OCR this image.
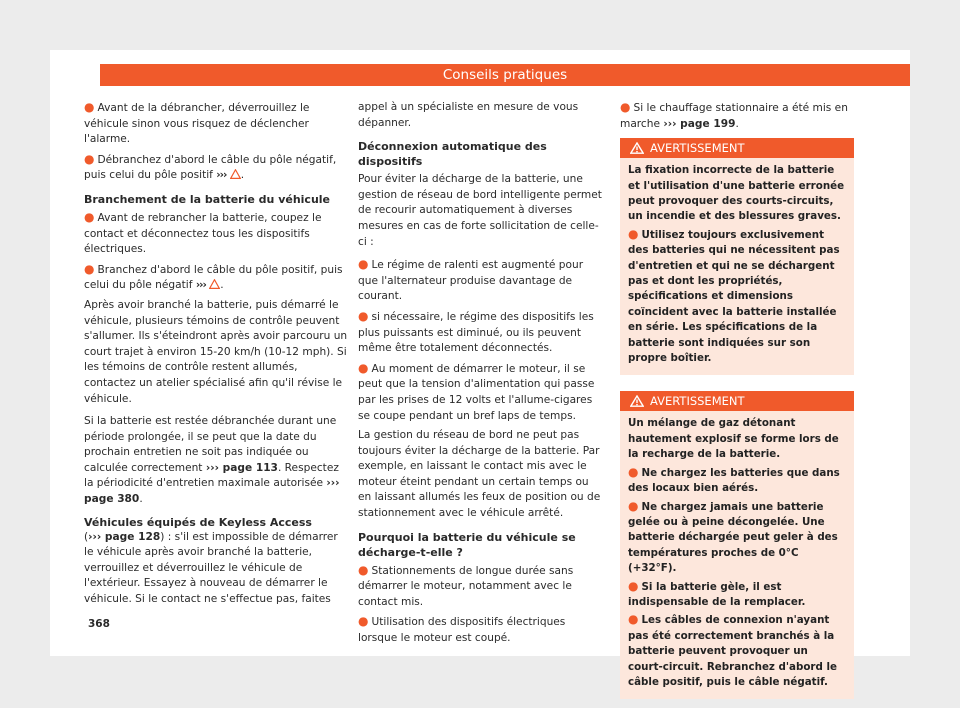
Conseils pratiques

● Avant de la débrancher, déverrouillez le véhicule sinon vous risquez de déclencher l'alarme.

● Débranchez d'abord le câble du pôle négatif, puis celui du pôle positif ››› .

Branchement de la batterie du véhicule

● Avant de rebrancher la batterie, coupez le contact et déconnectez tous les dispositifs électriques.

● Branchez d'abord le câble du pôle positif, puis celui du pôle négatif ››› .

Après avoir branché la batterie, puis démarré le véhicule, plusieurs témoins de contrôle peuvent s'allumer. Ils s'éteindront après avoir parcouru un court trajet à environ 15-20 km/h (10-12 mph). Si les témoins de contrôle restent allumés, contactez un atelier spécialisé afin qu'il révise le véhicule.

Si la batterie est restée débranchée durant une période prolongée, il se peut que la date du prochain entretien ne soit pas indiquée ou calculée correctement ››› page 113. Respectez la périodicité d'entretien maximale autorisée ››› page 380.

Véhicules équipés de Keyless Access

(››› page 128) : s'il est impossible de démarrer le véhicule après avoir branché la batterie, verrouillez et déverrouillez le véhicule de l'extérieur. Essayez à nouveau de démarrer le véhicule. Si le contact ne s'effectue pas, faites

appel à un spécialiste en mesure de vous dépanner.

Déconnexion automatique des dispositifs

Pour éviter la décharge de la batterie, une gestion de réseau de bord intelligente permet de recourir automatiquement à diverses mesures en cas de forte sollicitation de celle-ci :

● Le régime de ralenti est augmenté pour que l'alternateur produise davantage de courant.

● si nécessaire, le régime des dispositifs les plus puissants est diminué, ou ils peuvent même être totalement déconnectés.

● Au moment de démarrer le moteur, il se peut que la tension d'alimentation qui passe par les prises de 12 volts et l'allume-cigares se coupe pendant un bref laps de temps.

La gestion du réseau de bord ne peut pas toujours éviter la décharge de la batterie. Par exemple, en laissant le contact mis avec le moteur éteint pendant un certain temps ou en laissant allumés les feux de position ou de stationnement avec le véhicule arrêté.

Pourquoi la batterie du véhicule se décharge-t-elle ?

● Stationnements de longue durée sans démarrer le moteur, notamment avec le contact mis.

● Utilisation des dispositifs électriques lorsque le moteur est coupé.

● Si le chauffage stationnaire a été mis en marche ››› page 199.

AVERTISSEMENT

La fixation incorrecte de la batterie et l'utilisation d'une batterie erronée peut provoquer des courts-circuits, un incendie et des blessures graves.

● Utilisez toujours exclusivement des batteries qui ne nécessitent pas d'entretien et qui ne se déchargent pas et dont les propriétés, spécifications et dimensions coïncident avec la batterie installée en série. Les spécifications de la batterie sont indiquées sur son propre boîtier.

AVERTISSEMENT

Un mélange de gaz détonant hautement explosif se forme lors de la recharge de la batterie.

● Ne chargez les batteries que dans des locaux bien aérés.

● Ne chargez jamais une batterie gelée ou à peine décongelée. Une batterie déchargée peut geler à des températures proches de 0°C (+32°F).

● Si la batterie gèle, il est indispensable de la remplacer.

● Les câbles de connexion n'ayant pas été correctement branchés à la batterie peuvent provoquer un court-circuit. Rebranchez d'abord le câble positif, puis le câble négatif.

368
